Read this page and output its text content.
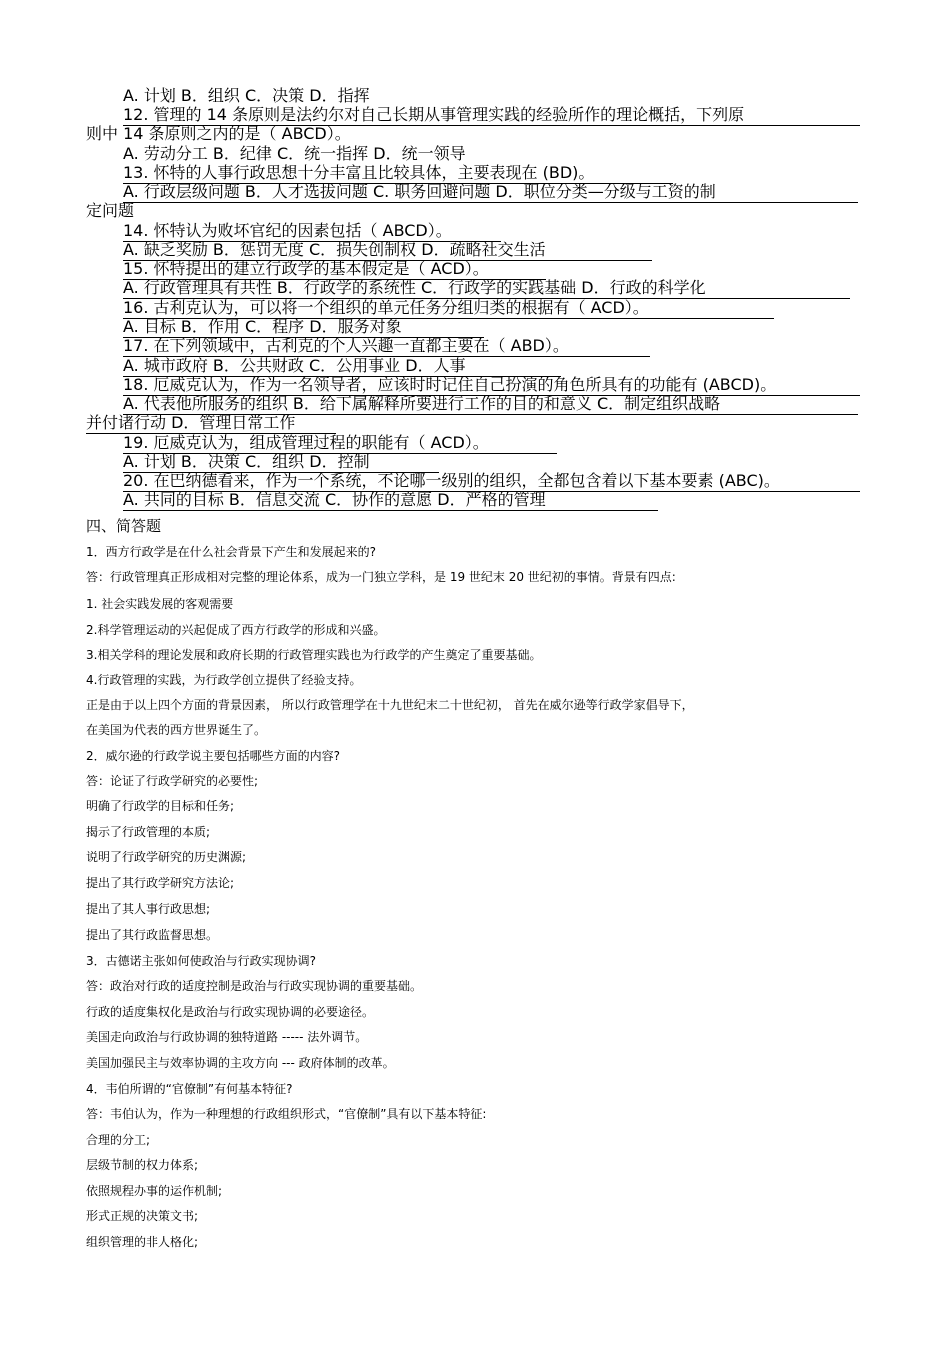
A. 计划 B．组织 C．决策 D．指挥
12. 管理的 14 条原则是法约尔对自己长期从事管理实践的经验所作的理论概括，下列原
则中 14 条原则之内的是（ ABCD）。
A. 劳动分工 B．纪律 C．统一指挥 D．统一领导
13. 怀特的人事行政思想十分丰富且比较具体，主要表现在 (BD)。
A. 行政层级问题 B．人才选拔问题 C. 职务回避问题 D．职位分类—分级与工资的制
定问题
14. 怀特认为败坏官纪的因素包括（ ABCD）。
A. 缺乏奖励 B．惩罚无度 C．损失创制权 D．疏略社交生活
15. 怀特提出的建立行政学的基本假定是（ ACD）。
A. 行政管理具有共性 B．行政学的系统性 C．行政学的实践基础 D．行政的科学化
16. 古利克认为，可以将一个组织的单元任务分组归类的根据有（ ACD）。
A. 目标 B．作用 C．程序 D．服务对象
17. 在下列领域中，古利克的个人兴趣一直都主要在（ ABD）。
A. 城市政府 B．公共财政 C．公用事业 D．人事
18. 厄威克认为，作为一名领导者，应该时时记住自己扮演的角色所具有的功能有 (ABCD)。
A. 代表他所服务的组织 B．给下属解释所要进行工作的目的和意义 C．制定组织战略
并付诸行动 D．管理日常工作
19. 厄威克认为，组成管理过程的职能有（ ACD）。
A. 计划 B．决策 C．组织 D．控制
20. 在巴纳德看来，作为一个系统，不论哪一级别的组织，全都包含着以下基本要素 (ABC)。
A. 共同的目标 B．信息交流 C．协作的意愿 D．严格的管理
四、简答题
1．西方行政学是在什么社会背景下产生和发展起来的?
答：行政管理真正形成相对完整的理论体系，成为一门独立学科，是 19 世纪末 20 世纪初的事情。背景有四点:
1. 社会实践发展的客观需要
2.科学管理运动的兴起促成了西方行政学的形成和兴盛。
3.相关学科的理论发展和政府长期的行政管理实践也为行政学的产生奠定了重要基础。
4.行政管理的实践，为行政学创立提供了经验支持。
正是由于以上四个方面的背景因素， 所以行政管理学在十九世纪末二十世纪初， 首先在威尔逊等行政学家倡导下，
在美国为代表的西方世界诞生了。
2．威尔逊的行政学说主要包括哪些方面的内容?
答：论证了行政学研究的必要性;
明确了行政学的目标和任务;
揭示了行政管理的本质;
说明了行政学研究的历史渊源;
提出了其行政学研究方法论;
提出了其人事行政思想;
提出了其行政监督思想。
3．古德诺主张如何使政治与行政实现协调?
答：政治对行政的适度控制是政治与行政实现协调的重要基础。
行政的适度集权化是政治与行政实现协调的必要途径。
美国走向政治与行政协调的独特道路 ----- 法外调节。
美国加强民主与效率协调的主攻方向 --- 政府体制的改革。
4．韦伯所谓的“官僚制”有何基本特征?
答：韦伯认为，作为一种理想的行政组织形式，“官僚制”具有以下基本特征:
合理的分工;
层级节制的权力体系;
依照规程办事的运作机制;
形式正规的决策文书;
组织管理的非人格化;
